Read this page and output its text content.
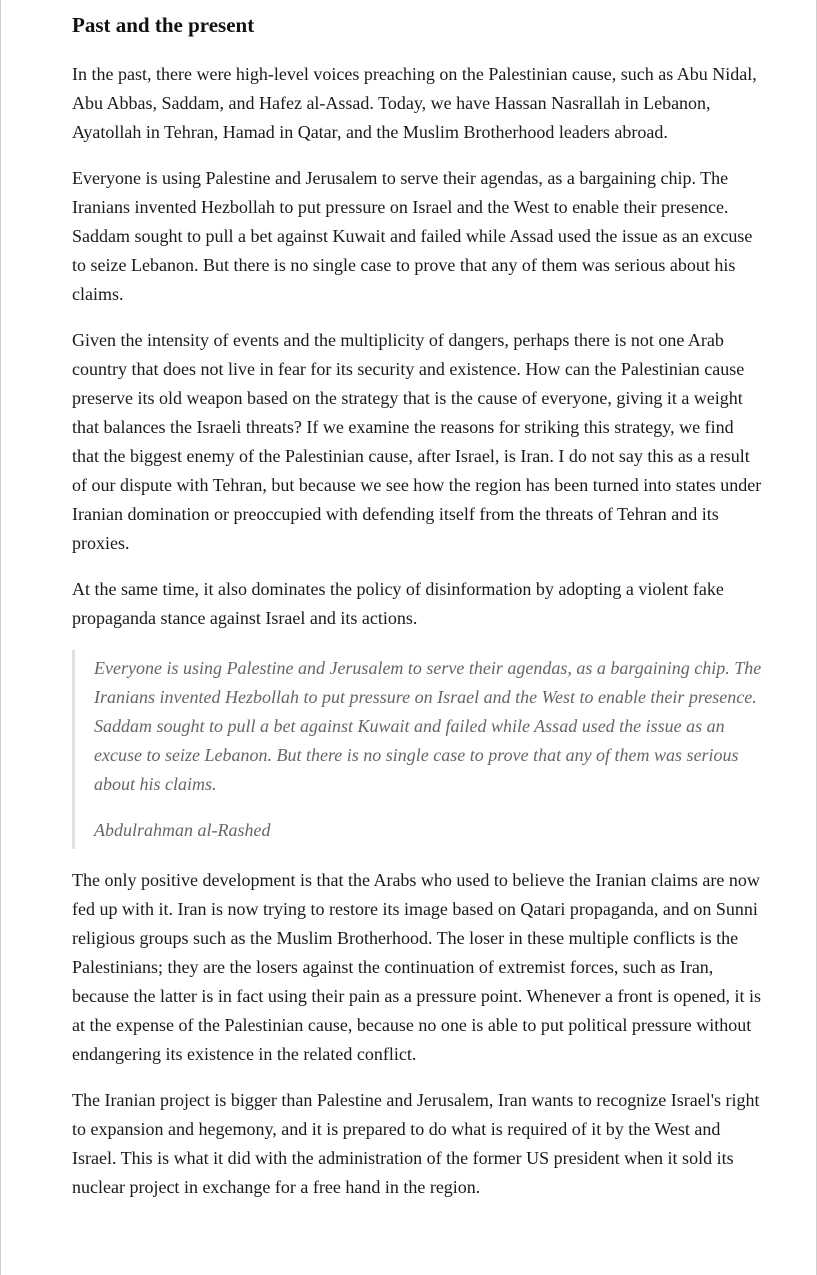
Past and the present

In the past, there were high-level voices preaching on the Palestinian cause, such as Abu Nidal, Abu Abbas, Saddam, and Hafez al-Assad. Today, we have Hassan Nasrallah in Lebanon, Ayatollah in Tehran, Hamad in Qatar, and the Muslim Brotherhood leaders abroad.

Everyone is using Palestine and Jerusalem to serve their agendas, as a bargaining chip. The Iranians invented Hezbollah to put pressure on Israel and the West to enable their presence. Saddam sought to pull a bet against Kuwait and failed while Assad used the issue as an excuse to seize Lebanon. But there is no single case to prove that any of them was serious about his claims.

Given the intensity of events and the multiplicity of dangers, perhaps there is not one Arab country that does not live in fear for its security and existence. How can the Palestinian cause preserve its old weapon based on the strategy that is the cause of everyone, giving it a weight that balances the Israeli threats? If we examine the reasons for striking this strategy, we find that the biggest enemy of the Palestinian cause, after Israel, is Iran. I do not say this as a result of our dispute with Tehran, but because we see how the region has been turned into states under Iranian domination or preoccupied with defending itself from the threats of Tehran and its proxies.

At the same time, it also dominates the policy of disinformation by adopting a violent fake propaganda stance against Israel and its actions.

Everyone is using Palestine and Jerusalem to serve their agendas, as a bargaining chip. The Iranians invented Hezbollah to put pressure on Israel and the West to enable their presence. Saddam sought to pull a bet against Kuwait and failed while Assad used the issue as an excuse to seize Lebanon. But there is no single case to prove that any of them was serious about his claims.

Abdulrahman al-Rashed

The only positive development is that the Arabs who used to believe the Iranian claims are now fed up with it. Iran is now trying to restore its image based on Qatari propaganda, and on Sunni religious groups such as the Muslim Brotherhood. The loser in these multiple conflicts is the Palestinians; they are the losers against the continuation of extremist forces, such as Iran, because the latter is in fact using their pain as a pressure point. Whenever a front is opened, it is at the expense of the Palestinian cause, because no one is able to put political pressure without endangering its existence in the related conflict.

The Iranian project is bigger than Palestine and Jerusalem, Iran wants to recognize Israel's right to expansion and hegemony, and it is prepared to do what is required of it by the West and Israel. This is what it did with the administration of the former US president when it sold its nuclear project in exchange for a free hand in the region.
